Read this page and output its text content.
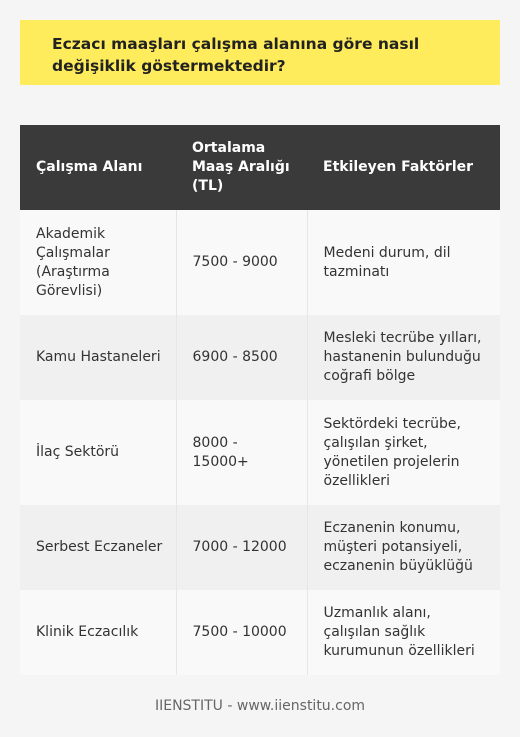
Eczacı maaşları çalışma alanına göre nasıl değişiklik göstermektedir?
Çalışma Alanı	Ortalama Maaş Aralığı (TL)	Etkileyen Faktörler
Akademik Çalışmalar (Araştırma Görevlisi)	7500 - 9000	Medeni durum, dil tazminatı
Kamu Hastaneleri	6900 - 8500	Mesleki tecrübe yılları, hastanenin bulunduğu coğrafi bölge
İlaç Sektörü	8000 - 15000+	Sektördeki tecrübe, çalışılan şirket, yönetilen projelerin özellikleri
Serbest Eczaneler	7000 - 12000	Eczanenin konumu, müşteri potansiyeli, eczanenin büyüklüğü
Klinik Eczacılık	7500 - 10000	Uzmanlık alanı, çalışılan sağlık kurumunun özellikleri
IIENSTITU - www.iienstitu.com
